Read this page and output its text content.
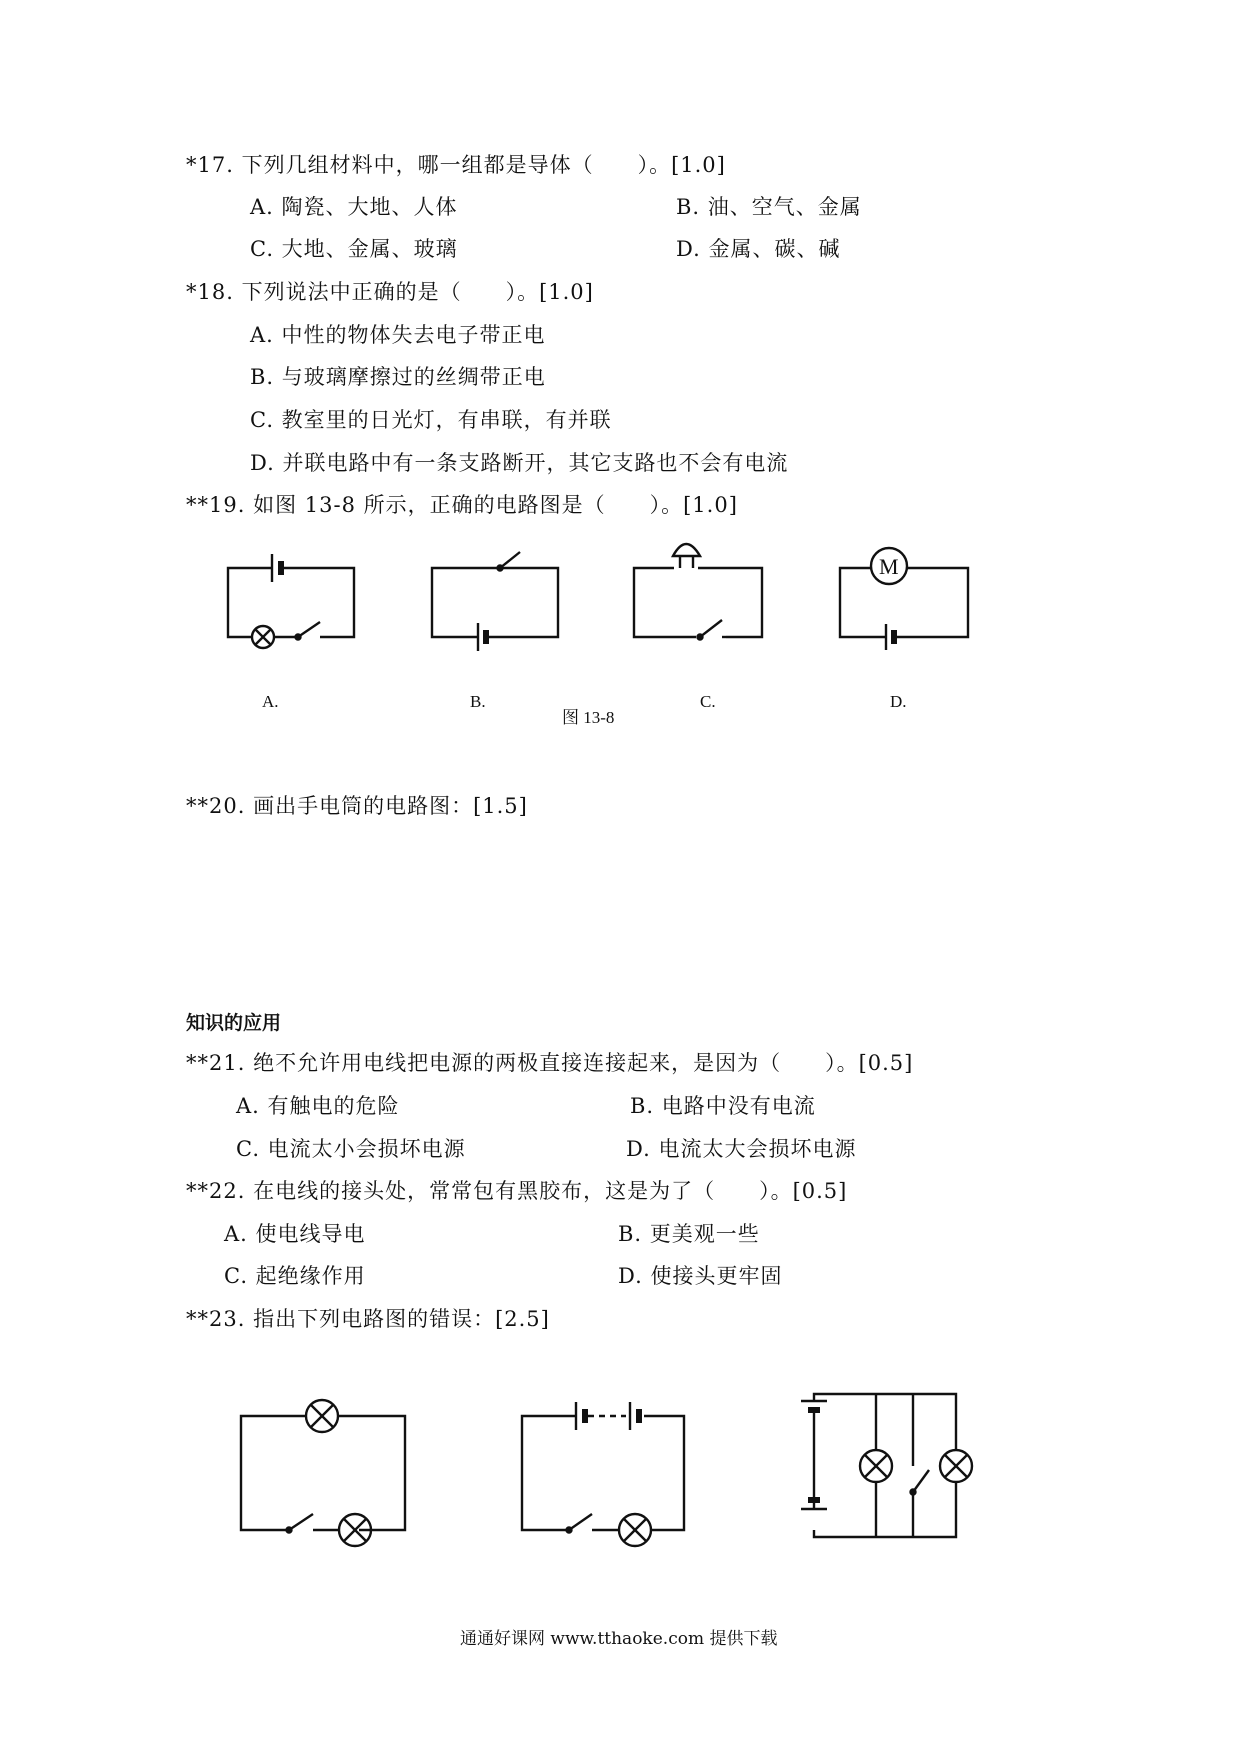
*17. 下列几组材料中，哪一组都是导体（　　）。[1.0]
A. 陶瓷、大地、人体	B. 油、空气、金属
C. 大地、金属、玻璃	D. 金属、碳、碱
*18. 下列说法中正确的是（　　）。[1.0]
A. 中性的物体失去电子带正电
B. 与玻璃摩擦过的丝绸带正电
C. 教室里的日光灯，有串联，有并联
D. 并联电路中有一条支路断开，其它支路也不会有电流
**19. 如图 13-8 所示，正确的电路图是（　　）。[1.0]
M
A.	B.
图 13-8
C.	D.
**20. 画出手电筒的电路图：[1.5]
知识的应用
**21. 绝不允许用电线把电源的两极直接连接起来，是因为（　　）。[0.5]
A. 有触电的危险	B. 电路中没有电流
C. 电流太小会损坏电源	D. 电流太大会损坏电源
**22. 在电线的接头处，常常包有黑胶布，这是为了（　　）。[0.5]
A. 使电线导电	B. 更美观一些
C. 起绝缘作用	D. 使接头更牢固
**23. 指出下列电路图的错误：[2.5]
通通好课网 www.tthaoke.com 提供下载
